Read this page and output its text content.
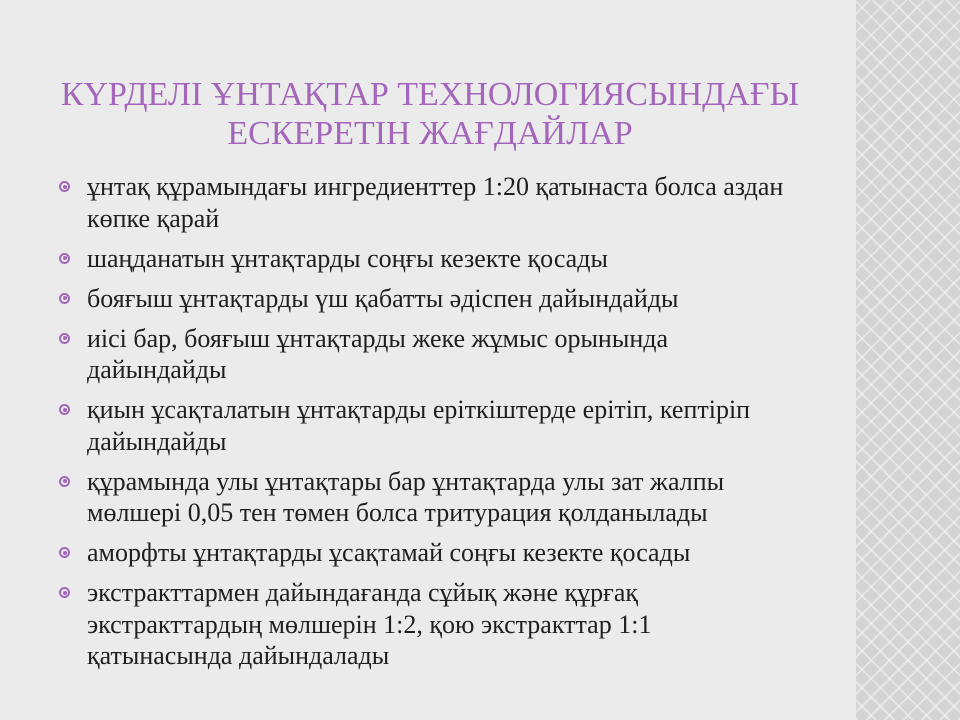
КҮРДЕЛІ ҰНТАҚТАР ТЕХНОЛОГИЯСЫНДАҒЫ
ЕСКЕРЕТІН ЖАҒДАЙЛАР
ұнтақ құрамындағы ингредиенттер 1:20 қатынаста болса аздан
көпке қарай
шаңданатын ұнтақтарды соңғы кезекте қосады
бояғыш ұнтақтарды үш қабатты әдіспен дайындайды
иісі бар, бояғыш ұнтақтарды жеке жұмыс орынында
дайындайды
қиын ұсақталатын ұнтақтарды еріткіштерде ерітіп, кептіріп
дайындайды
құрамында улы ұнтақтары бар ұнтақтарда улы зат жалпы
мөлшері 0,05 тен төмен болса тритурация қолданылады
аморфты ұнтақтарды ұсақтамай соңғы кезекте қосады
экстракттармен дайындағанда сұйық және құрғақ
экстракттардың мөлшерін 1:2, қою экстракттар 1:1
қатынасында дайындалады
